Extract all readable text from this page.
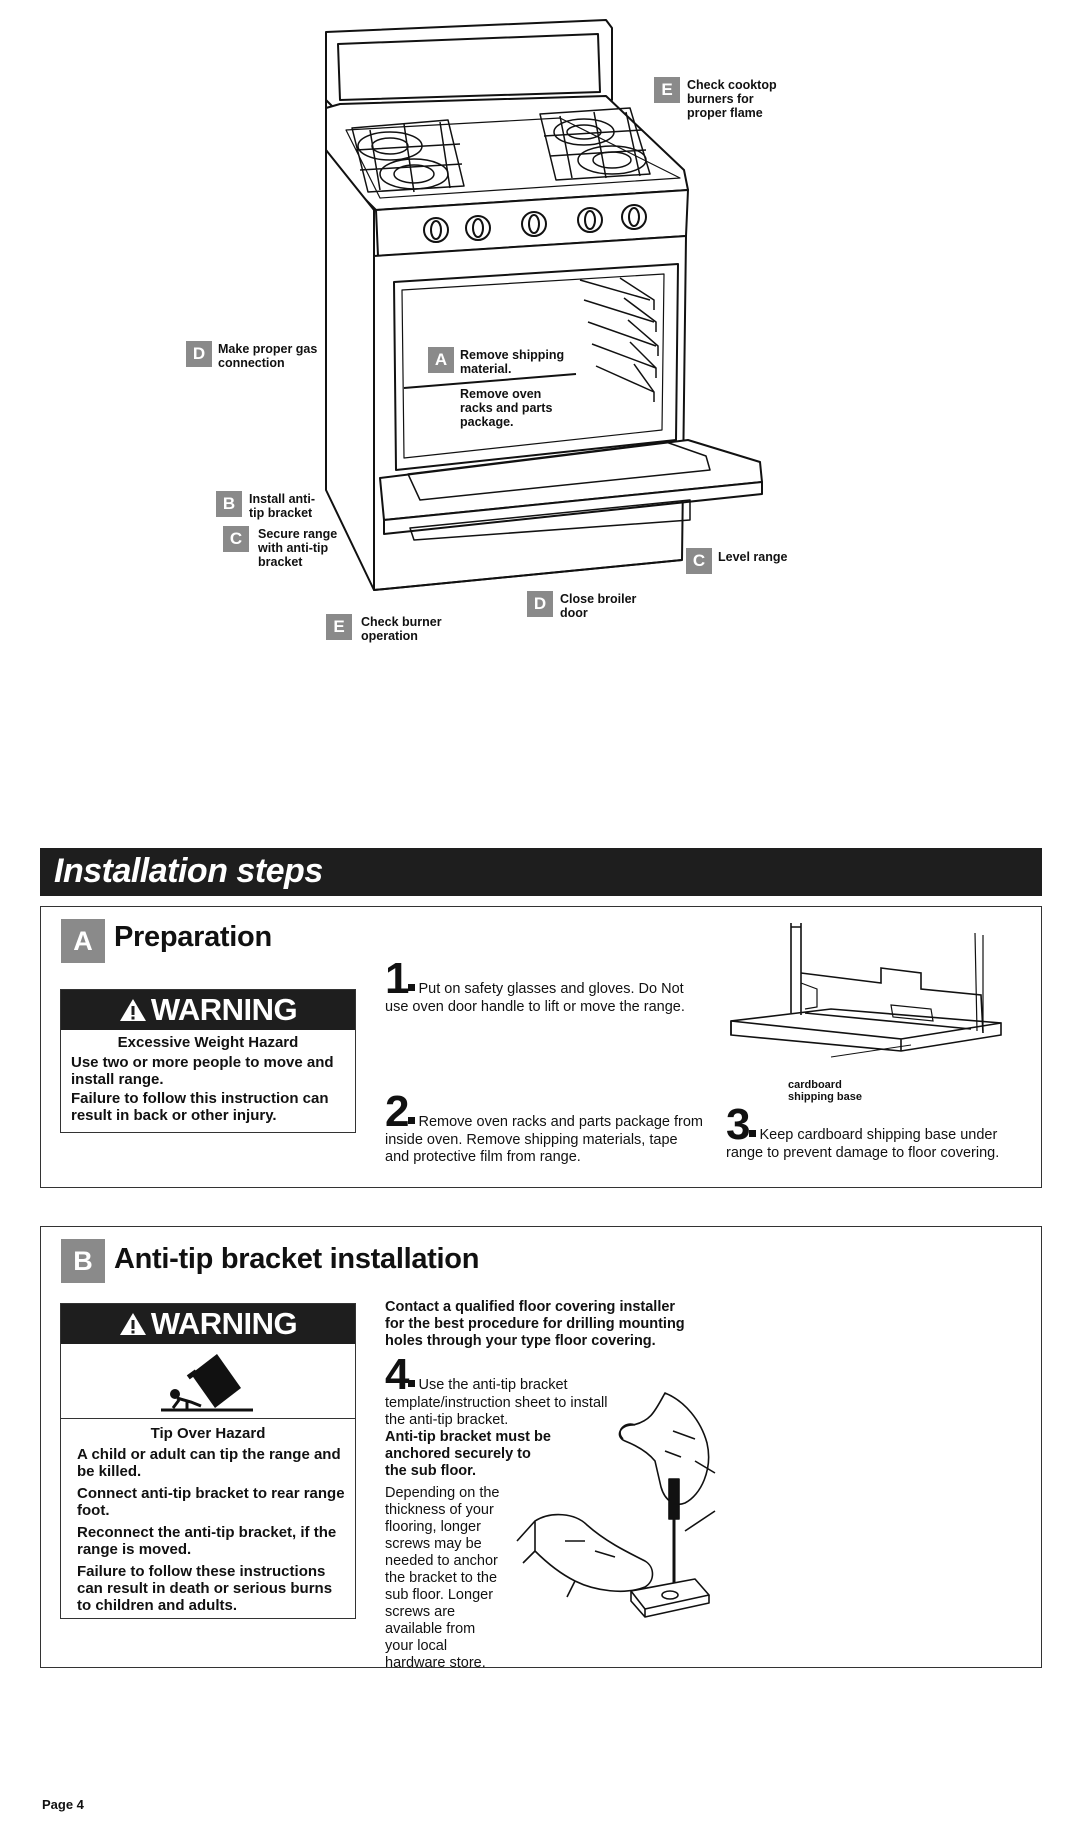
E	Check cooktop burners for proper flame
D	Make proper gas connection	A	Remove shipping material.
Remove oven racks and parts package.
B	Install anti-tip bracket
C	Secure range with anti-tip bracket	C	Level range
D	Close broiler door
E	Check burner operation
Installation steps
A Preparation
WARNING
Excessive Weight Hazard
Use two or more people to move and install range.
Failure to follow this instruction can result in back or other injury.
1 Put on safety glasses and gloves. Do Not use oven door handle to lift or move the range.
2 Remove oven racks and parts package from inside oven. Remove shipping materials, tape and protective film from range.
cardboard shipping base
3 Keep cardboard shipping base under range to prevent damage to floor covering.
B Anti-tip bracket installation
WARNING
Tip Over Hazard
A child or adult can tip the range and be killed.
Connect anti-tip bracket to rear range foot.
Reconnect the anti-tip bracket, if the range is moved.
Failure to follow these instructions can result in death or serious burns to children and adults.
Contact a qualified floor covering installer for the best procedure for drilling mounting holes through your type floor covering.
4 Use the anti-tip bracket template/instruction sheet to install the anti-tip bracket.
Anti-tip bracket must be anchored securely to the sub floor.
Depending on the thickness of your flooring, longer screws may be needed to anchor the bracket to the sub floor. Longer screws are available from your local hardware store.
Page 4
